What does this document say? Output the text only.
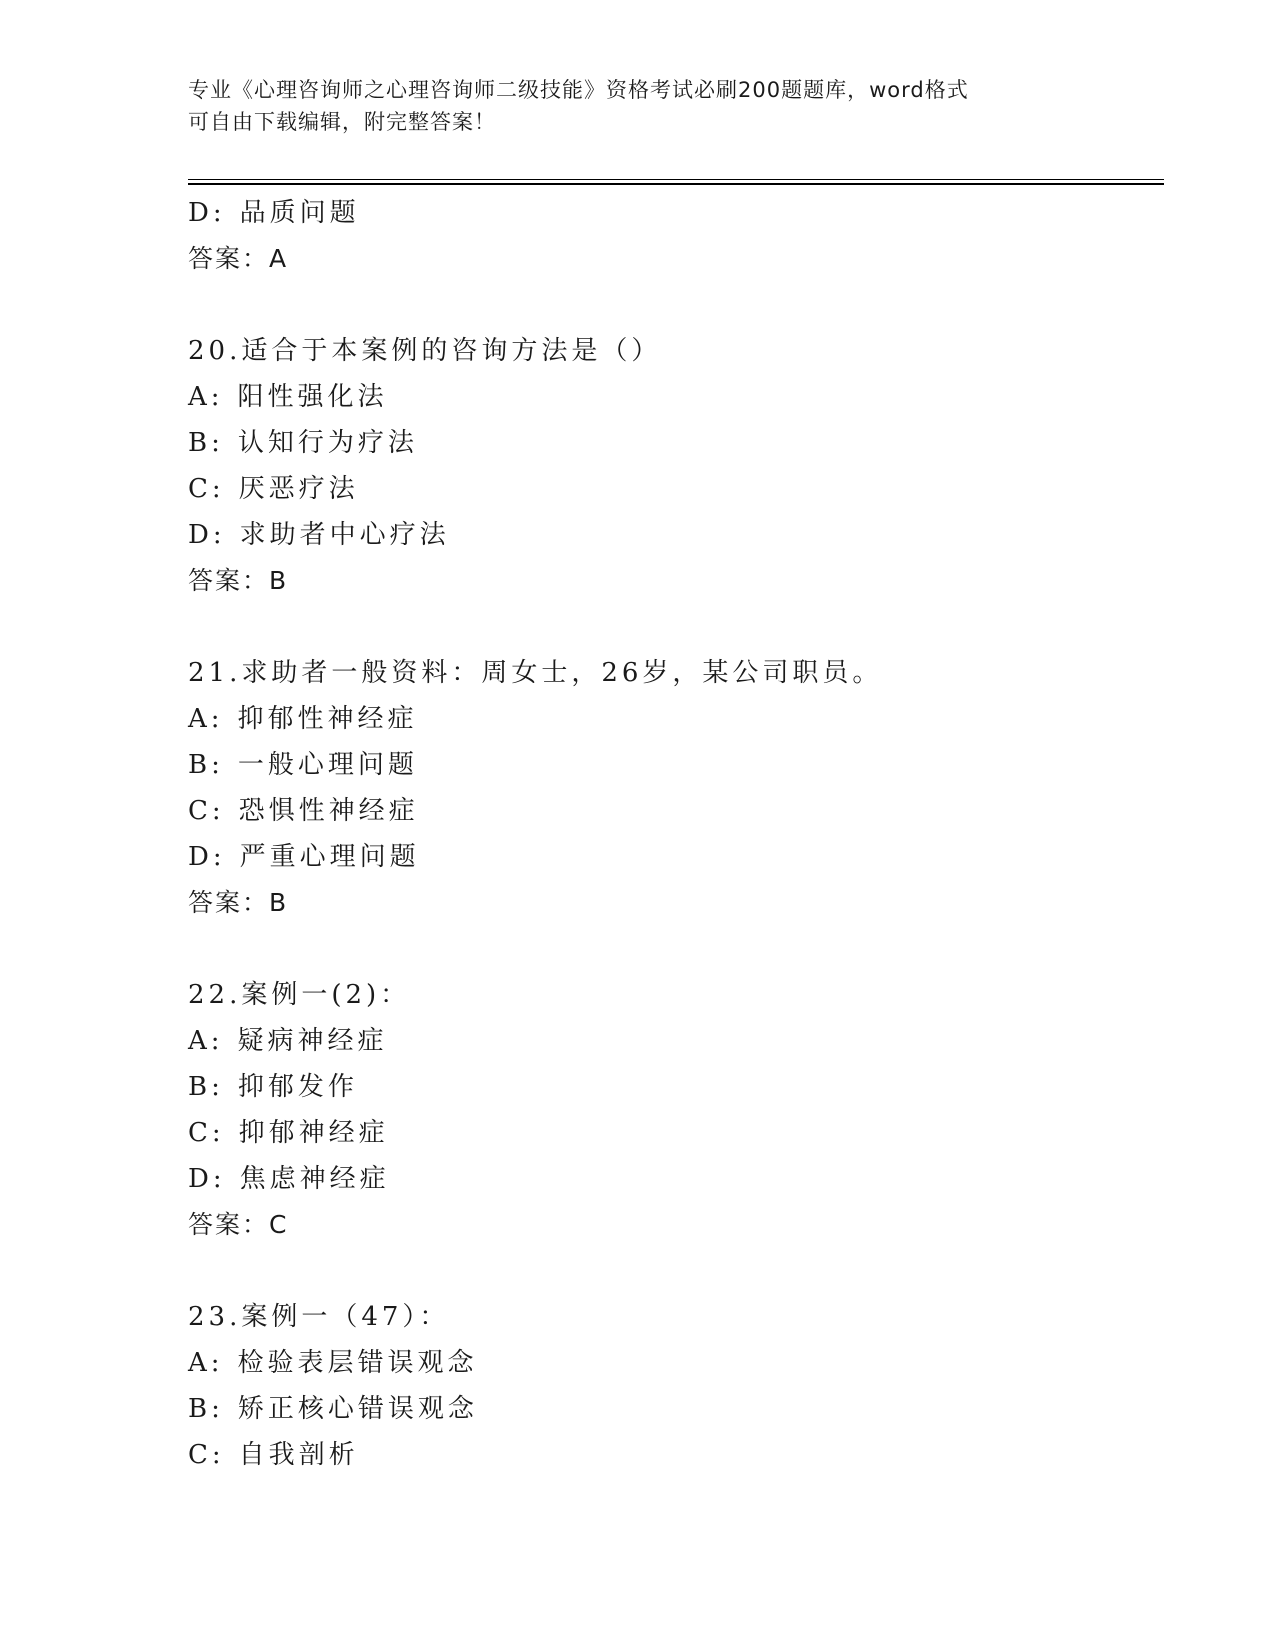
专业《心理咨询师之心理咨询师二级技能》资格考试必刷200题题库，word格式
可自由下载编辑，附完整答案！
D: 品质问题
答案：A
20.适合于本案例的咨询方法是（）
A: 阳性强化法
B: 认知行为疗法
C: 厌恶疗法
D: 求助者中心疗法
答案：B
21.求助者一般资料：周女士，26岁，某公司职员。
A: 抑郁性神经症
B: 一般心理问题
C: 恐惧性神经症
D: 严重心理问题
答案：B
22.案例一(2)：
A: 疑病神经症
B: 抑郁发作
C: 抑郁神经症
D: 焦虑神经症
答案：C
23.案例一（47）：
A: 检验表层错误观念
B: 矫正核心错误观念
C: 自我剖析
